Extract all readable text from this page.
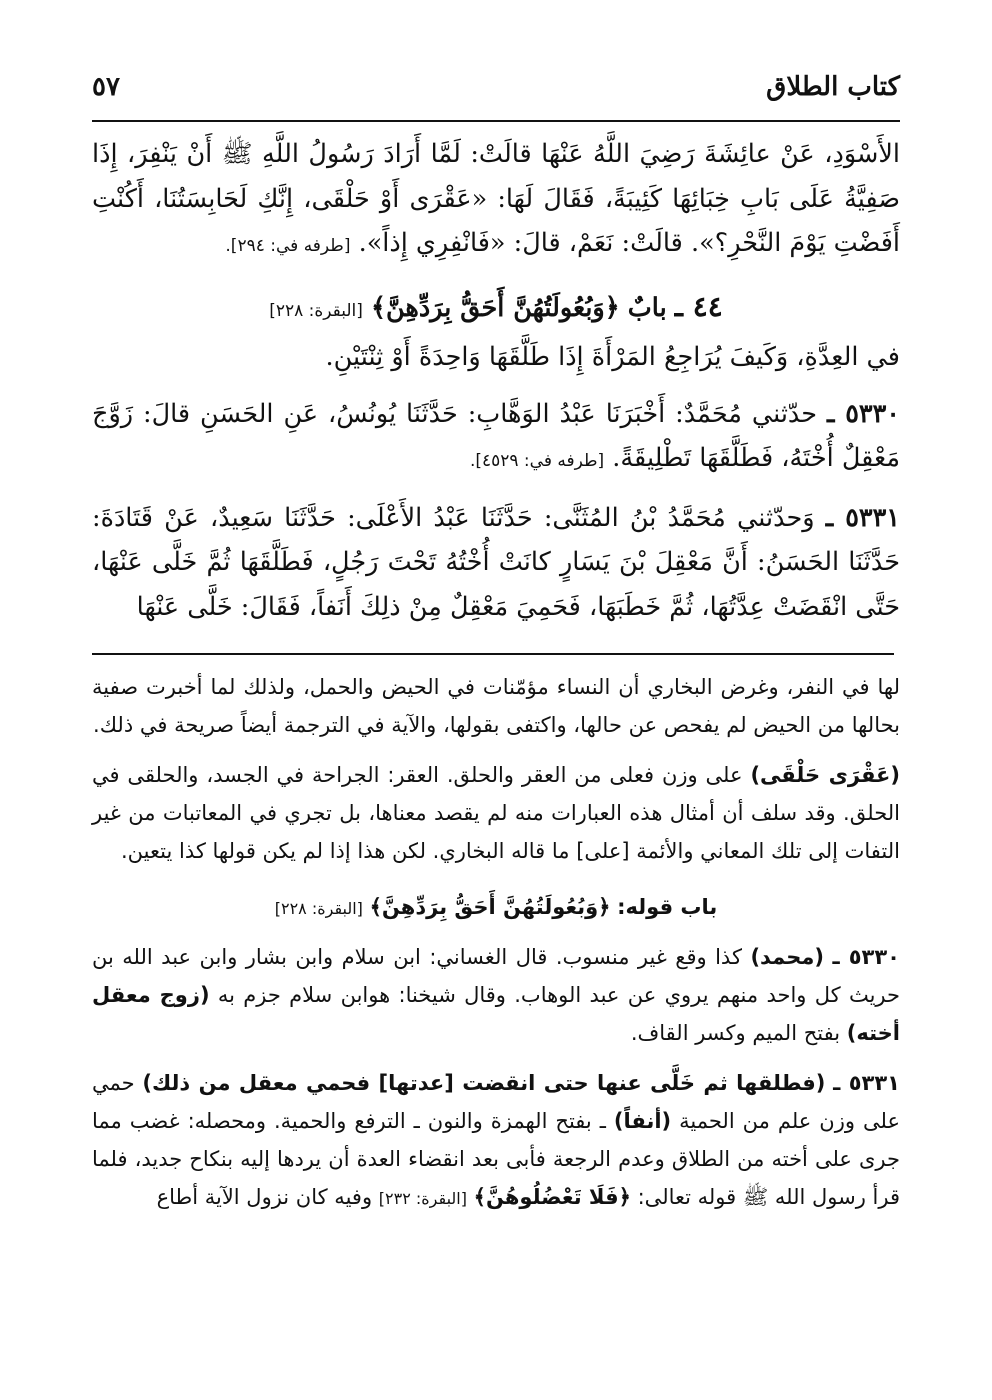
كتاب الطلاق
٥٧

الأَسْوَدِ، عَنْ عائِشَةَ رَضِيَ اللَّهُ عَنْهَا قالَتْ: لَمَّا أَرَادَ رَسُولُ اللَّهِ ﷺ أَنْ يَنْفِرَ، إِذَا صَفِيَّةُ عَلَى بَابِ خِبَائِهَا كَئِيبَةً، فَقَالَ لَهَا: «عَقْرَى أَوْ حَلْقَى، إِنَّكِ لَحَابِسَتُنَا، أَكُنْتِ أَفَضْتِ يَوْمَ النَّحْرِ؟». قالَتْ: نَعَمْ، قالَ: «فَانْفِرِي إِذاً». [طرفه في: ٢٩٤].

٤٤ ـ بابٌ ﴿وَبُعُولَتُهُنَّ أَحَقُّ بِرَدِّهِنَّ﴾ [البقرة: ٢٢٨]

في العِدَّةِ، وَكَيفَ يُرَاجِعُ المَرْأَةَ إِذَا طَلَّقَهَا وَاحِدَةً أَوْ ثِنْتَيْنِ.

٥٣٣٠ ـ حدّثني مُحَمَّدٌ: أَخْبَرَنَا عَبْدُ الوَهَّابِ: حَدَّثَنَا يُونُسُ، عَنِ الحَسَنِ قالَ: زَوَّجَ مَعْقِلٌ أُخْتَهُ، فَطَلَّقَهَا تَطْلِيقَةً. [طرفه في: ٤٥٢٩].

٥٣٣١ ـ وَحدّثني مُحَمَّدُ بْنُ المُثَنَّى: حَدَّثَنَا عَبْدُ الأَعْلَى: حَدَّثَنَا سَعِيدٌ، عَنْ قَتَادَةَ: حَدَّثَنَا الحَسَنُ: أَنَّ مَعْقِلَ بْنَ يَسَارٍ كانَتْ أُخْتُهُ تَحْتَ رَجُلٍ، فَطَلَّقَهَا ثُمَّ خَلَّى عَنْهَا، حَتَّى انْقَضَتْ عِدَّتُهَا، ثُمَّ خَطَبَهَا، فَحَمِيَ مَعْقِلٌ مِنْ ذلِكَ أَنَفاً، فَقَالَ: خَلَّى عَنْهَا

لها في النفر، وغرض البخاري أن النساء مؤمّنات في الحيض والحمل، ولذلك لما أخبرت صفية بحالها من الحيض لم يفحص عن حالها، واكتفى بقولها، والآية في الترجمة أيضاً صريحة في ذلك.

(عَقْرَى حَلْقَى) على وزن فعلى من العقر والحلق. العقر: الجراحة في الجسد، والحلقى في الحلق. وقد سلف أن أمثال هذه العبارات منه لم يقصد معناها، بل تجري في المعاتبات من غير التفات إلى تلك المعاني والأئمة [على] ما قاله البخاري. لكن هذا إذا لم يكن قولها كذا يتعين.

باب قوله: ﴿وَبُعُولَتُهُنَّ أَحَقُّ بِرَدِّهِنَّ﴾ [البقرة: ٢٢٨]

٥٣٣٠ ـ (محمد) كذا وقع غير منسوب. قال الغساني: ابن سلام وابن بشار وابن عبد الله بن حريث كل واحد منهم يروي عن عبد الوهاب. وقال شيخنا: هوابن سلام جزم به (زوج معقل أخته) بفتح الميم وكسر القاف.

٥٣٣١ ـ (فطلقها ثم خَلَّى عنها حتى انقضت [عدتها] فحمي معقل من ذلك) حمي على وزن علم من الحمية (أنفاً) ـ بفتح الهمزة والنون ـ الترفع والحمية. ومحصله: غضب مما جرى على أخته من الطلاق وعدم الرجعة فأبى بعد انقضاء العدة أن يردها إليه بنكاح جديد، فلما قرأ رسول الله ﷺ قوله تعالى: ﴿فَلَا تَعْضُلُوهُنَّ﴾ [البقرة: ٢٣٢] وفيه كان نزول الآية أطاع
